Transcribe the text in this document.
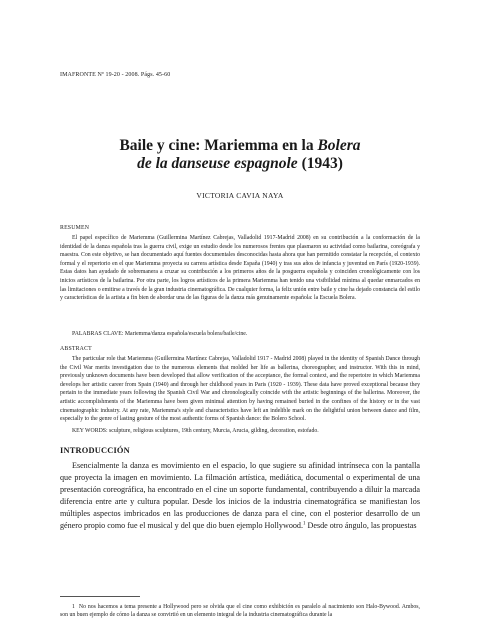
IMAFRONTE Nº 19-20 - 2008. Págs. 45-60
Baile y cine: Mariemma en la Bolera
de la danseuse espagnole (1943)
VICTORIA CAVIA NAYA
RESUMEN
El papel específico de Mariemma (Guillermina Martínez Cabrejas, Valladolid 1917-Madrid 2008) en su contribución a la conformación de la identidad de la danza española tras la guerra civil, exige un estudio desde los numerosos frentes que plasmaron su actividad como bailarina, coreógrafa y maestra. Con este objetivo, se han documentado aquí fuentes documentales desconocidas hasta ahora que han permitido constatar la recepción, el contexto formal y el repertorio en el que Mariemma proyecta su carrera artística desde España (1940) y tras sus años de infancia y juventud en París (1920-1939). Estas datos han ayudado de sobremanera a cruzar su contribución a los primeros años de la posguerra española y coinciden cronológicamente con los inicios artísticos de la bailarina. Por otra parte, los logros artísticos de la primera Mariemma han tenido una visibilidad mínima al quedar enmarcados en las limitaciones o emitirse a través de la gran industria cinematográfica. De cualquier forma, la feliz unión entre baile y cine ha dejado constancia del estilo y características de la artista a fin bien de abordar una de las figuras de la danza más genuinamente española: la Escuela Bolera.
PALABRAS CLAVE: Mariemma/danza española/escuela bolera/baile/cine.
ABSTRACT
The particular role that Mariemma (Guillermina Martínez Cabrejas, Valladolid 1917 - Madrid 2008) played in the identity of Spanish Dance through the Civil War merits investigation due to the numerous elements that molded her life as ballerina, choreographer, and instructor. With this in mind, previously unknown documents have been developed that allow verification of the acceptance, the formal context, and the repertoire in which Mariemma develops her artistic career from Spain (1940) and through her childhood years in Paris (1920 - 1939). These data have proved exceptional because they pertain to the immediate years following the Spanish Civil War and chronologically coincide with the artistic beginnings of the ballerina. Moreover, the artistic accomplishments of the Mariemma have been given minimal attention by having remained buried in the confines of the history or in the vast cinematographic industry. At any rate, Mariemma's style and characteristics have left an indelible mark on the delightful union between dance and film, especially to the genre of lasting gesture of the most authentic forms of Spanish dance: the Bolero School.
KEY WORDS: sculpture, religious sculptures, 19th century, Murcia, Arucia, gilding, decoration, estofado.
INTRODUCCIÓN
Esencialmente la danza es movimiento en el espacio, lo que sugiere su afinidad intrínseca con la pantalla que proyecta la imagen en movimiento. La filmación artística, mediática, documental o experimental de una presentación coreográfica, ha encontrado en el cine un soporte fundamental, contribuyendo a diluir la marcada diferencia entre arte y cultura popular. Desde los inicios de la industria cinematográfica se manifiestan los múltiples aspectos imbricados en las producciones de danza para el cine, con el posterior desarrollo de un género propio como fue el musical y del que dio buen ejemplo Hollywood.$^1$ Desde otro ángulo, las propuestas
1 No nos hacemos a tema presente a Hollywood pero se olvida que el cine como exhibición es paralelo al nacimiento son Halo-Bywood. Ambos, son un buen ejemplo de cómo la danza se convirtió en un elemento integral de la industria cinematográfica durante la
